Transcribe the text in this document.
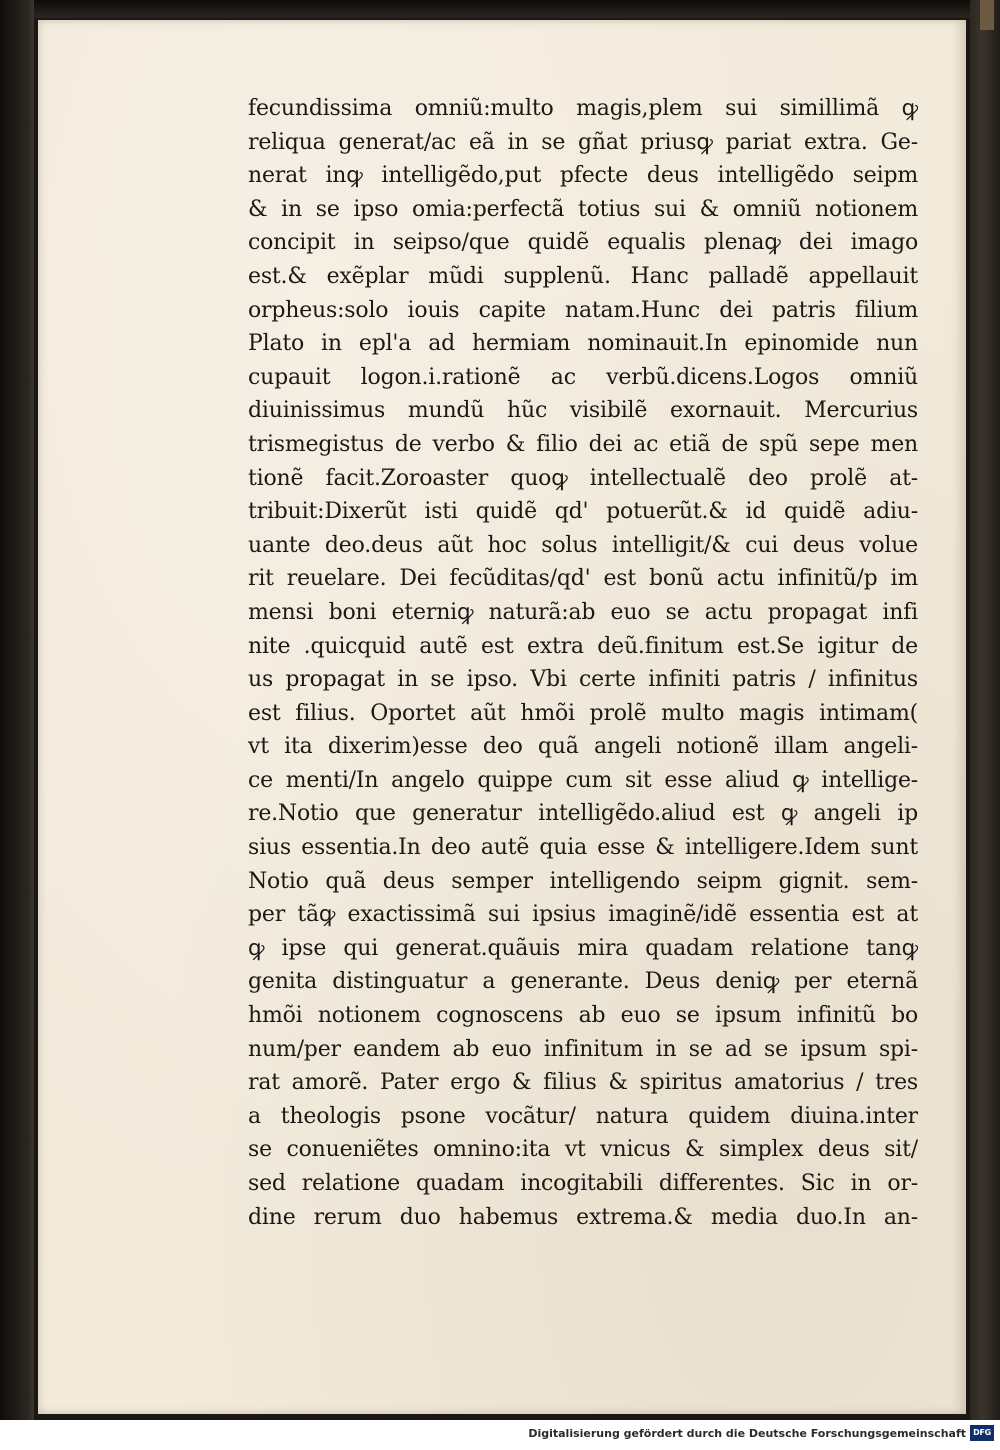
fecundissima omniũ:multo magis,plem sui simillimã ꝙ
reliqua generat/ac eã in se gñat priusꝙ pariat extra. Ge-
nerat inꝙ intelligẽdo,put pfecte deus intelligẽdo seipm
& in se ipso omia:perfectã totius sui & omniũ notionem
concipit in seipso/que quidẽ equalis plenaꝙ dei imago
est.& exẽplar mũdi supplenũ. Hanc palladẽ appellauit
orpheus:solo iouis capite natam.Hunc dei patris filium
Plato in epl'a ad hermiam nominauit.In epinomide nun
cupauit logon.i.rationẽ ac verbũ.dicens.Logos omniũ
diuinissimus mundũ hũc visibilẽ exornauit. Mercurius
trismegistus de verbo & filio dei ac etiã de spũ sepe men
tionẽ facit.Zoroaster quoꝙ intellectualẽ deo prolẽ at-
tribuit:Dixerũt isti quidẽ qd' potuerũt.& id quidẽ adiu-
uante deo.deus aũt hoc solus intelligit/& cui deus volue
rit reuelare. Dei fecũditas/qd' est bonũ actu infinitũ/p im
mensi boni eterniꝙ naturã:ab euo se actu propagat infi
nite .quicquid autẽ est extra deũ.finitum est.Se igitur de
us propagat in se ipso. Vbi certe infiniti patris / infinitus
est filius. Oportet aũt hmõi prolẽ multo magis intimam(
vt ita dixerim)esse deo quã angeli notionẽ illam angeli-
ce menti/In angelo quippe cum sit esse aliud ꝙ intellige-
re.Notio que generatur intelligẽdo.aliud est ꝙ angeli ip
sius essentia.In deo autẽ quia esse & intelligere.Idem sunt
Notio quã deus semper intelligendo seipm gignit. sem-
per tãꝙ exactissimã sui ipsius imaginẽ/idẽ essentia est at
ꝙ ipse qui generat.quãuis mira quadam relatione tanꝙ
genita distinguatur a generante. Deus deniꝙ per eternã
hmõi notionem cognoscens ab euo se ipsum infinitũ bo
num/per eandem ab euo infinitum in se ad se ipsum spi-
rat amorẽ. Pater ergo & filius & spiritus amatorius / tres
a theologis psone vocãtur/ natura quidem diuina.inter
se conueniẽtes omnino:ita vt vnicus & simplex deus sit/
sed relatione quadam incogitabili differentes. Sic in or-
dine rerum duo habemus extrema.& media duo.In an-
Digitalisierung gefördert durch die Deutsche Forschungsgemeinschaft DFG
